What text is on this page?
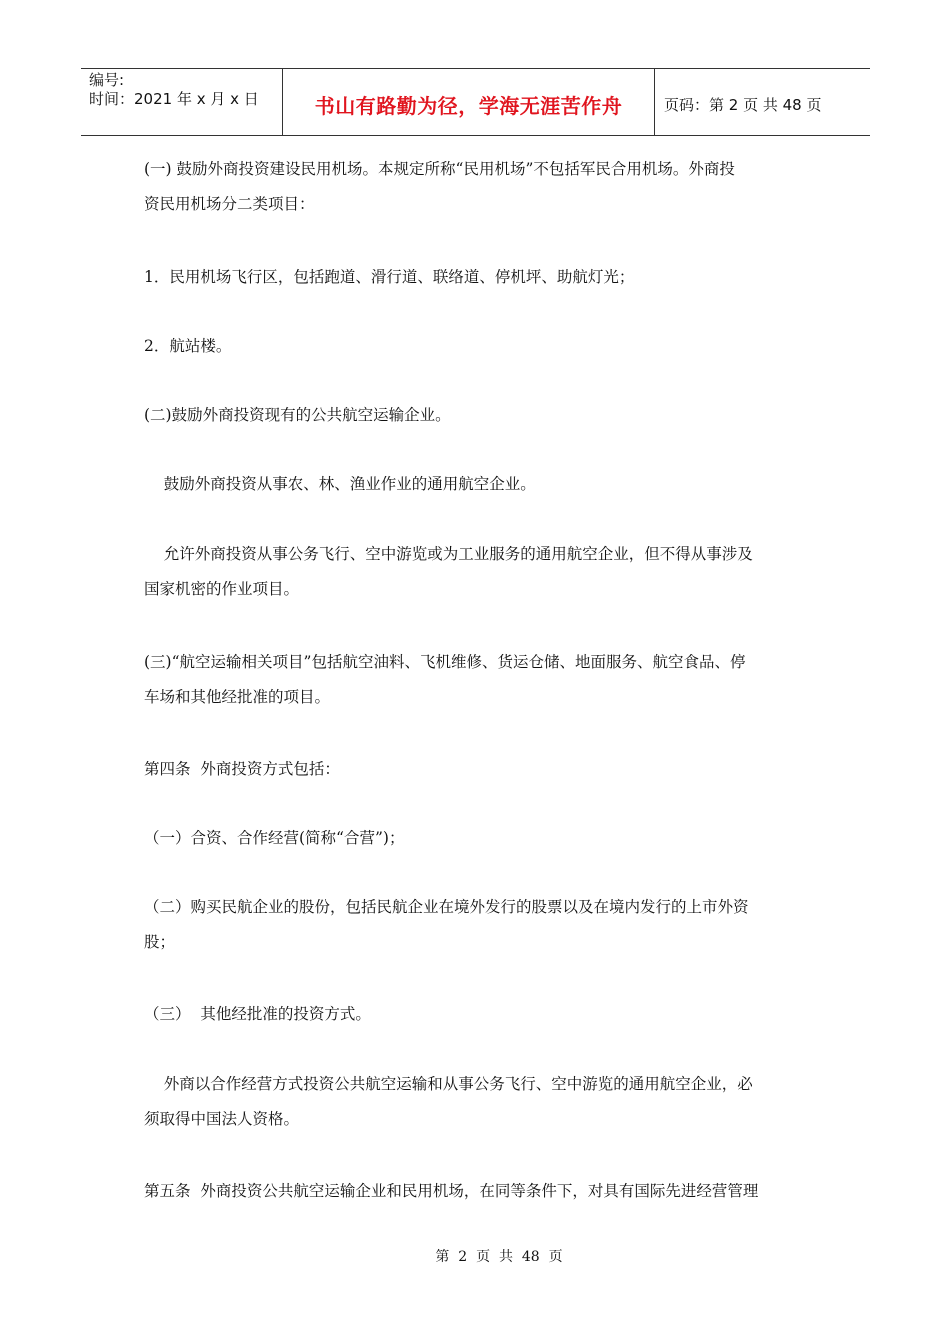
编号:
时间：2021 年 x 月 x 日	书山有路勤为径，学海无涯苦作舟	页码：第 2 页 共 48 页
(一) 鼓励外商投资建设民用机场。本规定所称“民用机场”不包括军民合用机场。外商投
资民用机场分二类项目：
1．民用机场飞行区，包括跑道、滑行道、联络道、停机坪、助航灯光；
2．航站楼。
(二)鼓励外商投资现有的公共航空运输企业。
鼓励外商投资从事农、林、渔业作业的通用航空企业。
允许外商投资从事公务飞行、空中游览或为工业服务的通用航空企业，但不得从事涉及
国家机密的作业项目。
(三)“航空运输相关项目”包括航空油料、飞机维修、货运仓储、地面服务、航空食品、停
车场和其他经批准的项目。
第四条  外商投资方式包括：
（一）合资、合作经营(简称“合营”)；
（二）购买民航企业的股份，包括民航企业在境外发行的股票以及在境内发行的上市外资
股；
（三）  其他经批准的投资方式。
外商以合作经营方式投资公共航空运输和从事公务飞行、空中游览的通用航空企业，必
须取得中国法人资格。
第五条  外商投资公共航空运输企业和民用机场，在同等条件下，对具有国际先进经营管理
第  2  页  共  48  页
